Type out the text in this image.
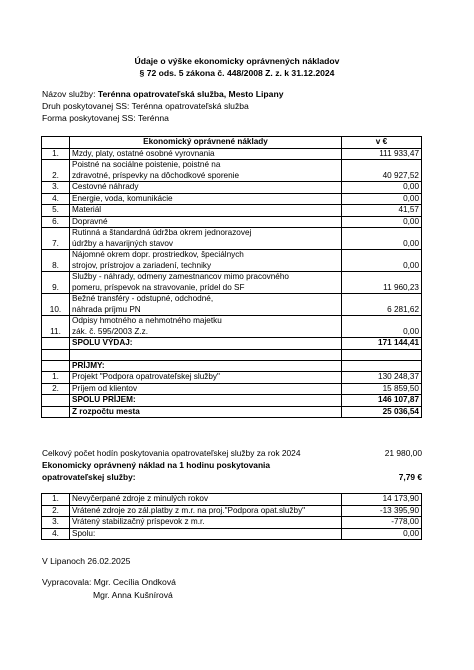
Údaje o výške ekonomicky oprávnených nákladov
§ 72 ods. 5 zákona č. 448/2008 Z. z. k 31.12.2024
Názov služby: Terénna opatrovateľská služba, Mesto Lipany
Druh poskytovanej SS: Terénna opatrovateľská služba
Forma poskytovanej SS: Terénna
	Ekonomický oprávnené náklady	v €
1.	Mzdy, platy, ostatné osobné vyrovnania	111 933,47
2.	Poistné na sociálne poistenie, poistné na
zdravotné, príspevky na dôchodkové sporenie	40 927,52
3.	Cestovné náhrady	0,00
4.	Energie, voda, komunikácie	0,00
5.	Materiál	41,57
6.	Dopravné	0,00
7.	Rutinná a štandardná údržba okrem jednorazovej
údržby a havarijných stavov	0,00
8.	Nájomné okrem dopr. prostriedkov, špeciálnych
strojov, prístrojov a zariadení, techniky	0,00
9.	Služby - náhrady, odmeny zamestnancov mimo pracovného
pomeru, príspevok na stravovanie, prídel do SF	11 960,23
10.	Bežné transféry - odstupné, odchodné,
náhrada príjmu PN	6 281,62
11.	Odpisy hmotného a nehmotného majetku
zák. č. 595/2003 Z.z.	0,00
	SPOLU VÝDAJ:	171 144,41

	PRÍJMY:	
1.	Projekt "Podpora opatrovateľskej služby"	130 248,37
2.	Príjem od klientov	15 859,50
	SPOLU PRÍJEM:	146 107,87
	Z rozpočtu mesta	25 036,54
Celkový počet hodín poskytovania opatrovateľskej služby za rok 2024	21 980,00
Ekonomicky oprávnený náklad na 1 hodinu poskytovania
opatrovateľskej služby:	7,79 €
1.	Nevyčerpané zdroje z minulých rokov	14 173,90
2.	Vrátené zdroje zo zál.platby z m.r. na proj."Podpora opat.služby"	-13 395,90
3.	Vrátený stabilizačný príspevok z m.r.	-778,00
4.	Spolu:	0,00
V Lipanoch 26.02.2025
Vypracovala: Mgr. Cecília Ondková
Mgr. Anna Kušnírová
